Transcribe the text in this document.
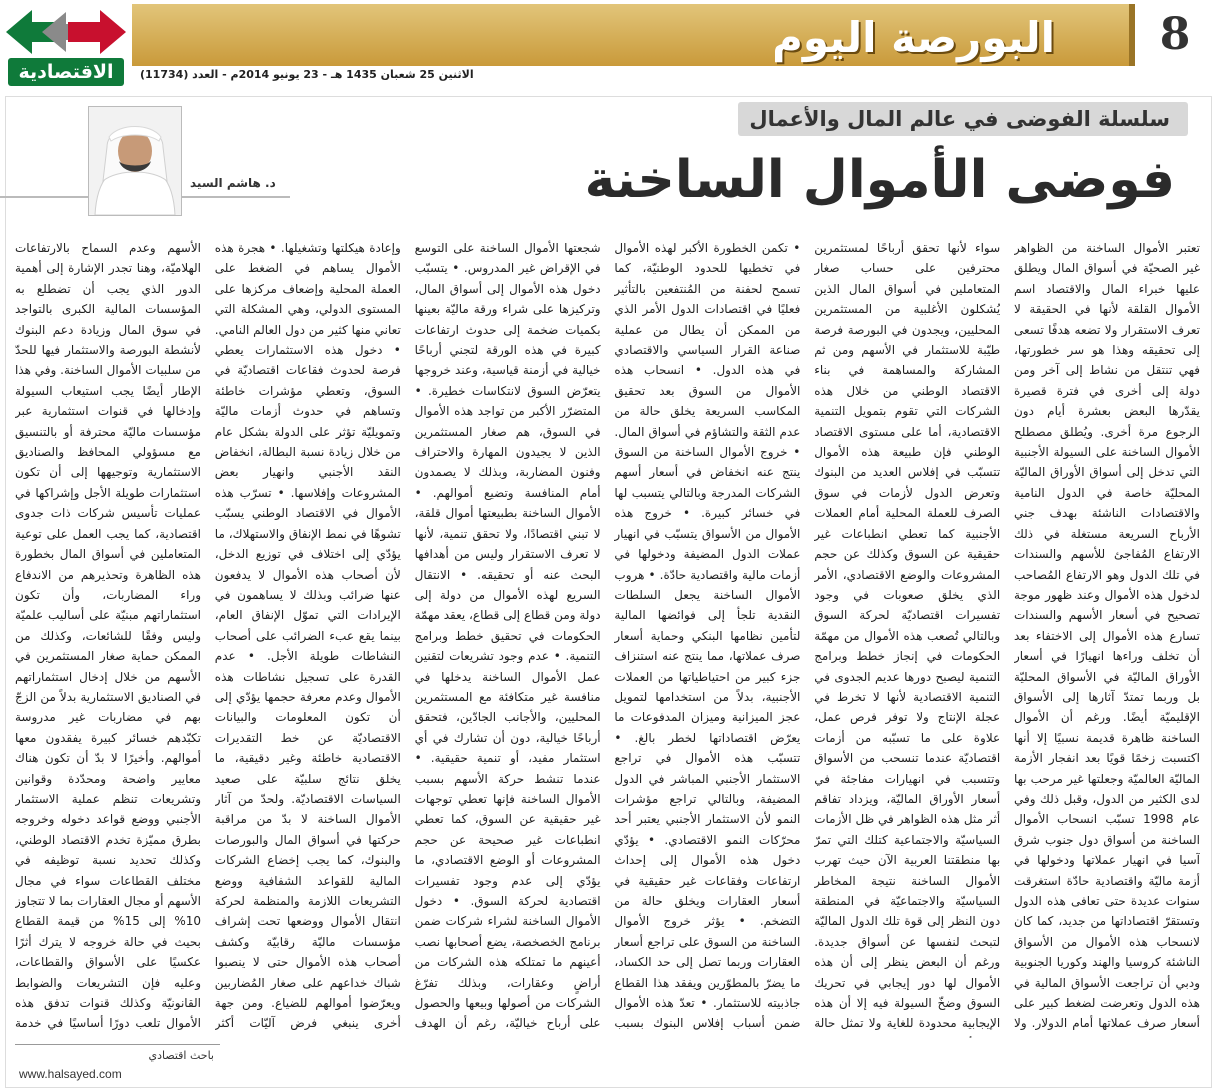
الاقتصادية
البورصة اليوم	8
الاثنين 25 شعبان 1435 هـ - 23 يونيو 2014م - العدد (11734)
سلسلة الفوضى في عالم المال والأعمال
د. هاشم السيد	فوضى الأموال الساخنة

تعتبر الأموال الساخنة من الظواهر غير الصحيّة في أسواق المال ويطلق عليها خبراء المال والاقتصاد اسم الأموال القلقة لأنها في الحقيقة لا تعرف الاستقرار ولا تضعه هدفًا تسعى إلى تحقيقه وهذا هو سر خطورتها، فهي تنتقل من نشاط إلى آخر ومن دولة إلى أخرى في فترة قصيرة يقدّرها البعض بعشرة أيام دون الرجوع مرة أخرى. ويُطلق مصطلح الأموال الساخنة على السيولة الأجنبية التي تدخل إلى أسواق الأوراق الماليّة المحليّة خاصة في الدول النامية والاقتصادات الناشئة بهدف جني الأرباح السريعة مستغلة في ذلك الارتفاع المُفاجئ للأسهم والسندات في تلك الدول وهو الارتفاع المُصاحب لدخول هذه الأموال وعند ظهور موجة تصحيح في أسعار الأسهم والسندات تسارع هذه الأموال إلى الاختفاء بعد أن تخلف وراءها انهيارًا في أسعار الأوراق الماليّة في الأسواق المحليّة بل وربما تمتدّ آثارها إلى الأسواق الإقليميّة أيضًا. ورغم أن الأموال الساخنة ظاهرة قديمة نسبيًا إلا أنها اكتسبت زخمًا قويًا بعد انفجار الأزمة الماليّة العالميّة وجعلتها غير مرحب بها لدى الكثير من الدول، وقبل ذلك وفي عام 1998 تسبّب انسحاب الأموال الساخنة من أسواق دول جنوب شرق آسيا في انهيار عملاتها ودخولها في أزمة ماليّة واقتصادية حادّة استغرقت سنوات عديدة حتى تعافى هذه الدول وتستقرّ اقتصاداتها من جديد، كما كان لانسحاب هذه الأموال من الأسواق الناشئة كروسيا والهند وكوريا الجنوبية ودبي أن تراجعت الأسواق المالية في هذه الدول وتعرضت لضغط كبير على أسعار صرف عملاتها أمام الدولار. ولا

سواء لأنها تحقق أرباحًا لمستثمرين محترفين على حساب صغار المتعاملين في أسواق المال الذين يُشكلون الأغلبية من المستثمرين المحليين، ويجدون في البورصة فرصة طيّبة للاستثمار في الأسهم ومن ثم المشاركة والمساهمة في بناء الاقتصاد الوطني من خلال هذه الشركات التي تقوم بتمويل التنمية الاقتصادية، أما على مستوى الاقتصاد الوطني فإن طبيعة هذه الأموال تتسبّب في إفلاس العديد من البنوك وتعرض الدول لأزمات في سوق الصرف للعملة المحلية أمام العملات الأجنبية كما تعطي انطباعات غير حقيقية عن السوق وكذلك عن حجم المشروعات والوضع الاقتصادي، الأمر الذي يخلق صعوبات في وجود تفسيرات اقتصاديّة لحركة السوق وبالتالي تُصعب هذه الأموال من مهمّة الحكومات في إنجاز خطط وبرامج التنمية ليصبح دورها عديم الجدوى في التنمية الاقتصادية لأنها لا تخرط في عجلة الإنتاج ولا توفر فرص عمل، علاوة على ما تسبّبه من أزمات اقتصاديّة عندما تنسحب من الأسواق وتتسبب في انهيارات مفاجئة في أسعار الأوراق الماليّة، ويزداد تفاقم أثر مثل هذه الظواهر في ظل الأزمات السياسيّة والاجتماعية كتلك التي تمرّ بها منطقتنا العربية الآن حيث تهرب الأموال الساخنة نتيجة المخاطر السياسيّة والاجتماعيّة في المنطقة دون النظر إلى قوة تلك الدول الماليّة لتبحث لنفسها عن أسواق جديدة. ورغم أن البعض ينظر إلى أن هذه الأموال لها دور إيجابي في تحريك السوق وضخّ السيولة فيه إلا أن هذه الإيجابية محدودة للغاية ولا تمثل حالة

• تكمن الخطورة الأكبر لهذه الأموال في تخطيها للحدود الوطنيّة، كما تسمح لحفنة من المُنتفعين بالتأثير فعليًا في اقتصادات الدول الأمر الذي من الممكن أن يطال من عملية صناعة القرار السياسي والاقتصادي في هذه الدول. • انسحاب هذه الأموال من السوق بعد تحقيق المكاسب السريعة يخلق حالة من عدم الثقة والتشاؤم في أسواق المال. • خروج الأموال الساخنة من السوق ينتج عنه انخفاض في أسعار أسهم الشركات المدرجة وبالتالي يتسبب لها في خسائر كبيرة. • خروج هذه الأموال من الأسواق يتسبّب في انهيار عملات الدول المضيفة ودخولها في أزمات مالية واقتصادية حادّة. • هروب الأموال الساخنة يجعل السلطات النقدية تلجأ إلى فوائضها المالية لتأمين نظامها البنكي وحماية أسعار صرف عملاتها، مما ينتج عنه استنزاف جزء كبير من احتياطياتها من العملات الأجنبية، بدلاً من استخدامها لتمويل عجز الميزانية وميزان المدفوعات ما يعرّض اقتصاداتها لخطر بالغ. • تتسبّب هذه الأموال في تراجع الاستثمار الأجنبي المباشر في الدول المضيفة، وبالتالي تراجع مؤشرات النمو لأن الاستثمار الأجنبي يعتبر أحد محرّكات النمو الاقتصادي. • يؤدّي دخول هذه الأموال إلى إحداث ارتفاعات وفقاعات غير حقيقية في أسعار العقارات ويخلق حالة من التضخم. • يؤثر خروج الأموال الساخنة من السوق على تراجع أسعار العقارات وربما تصل إلى حد الكساد، ما يضرّ بالمطوّرين ويفقد هذا القطاع جاذبيته للاستثمار. • تعدّ هذه الأموال ضمن أسباب إفلاس البنوك بسبب

شجعتها الأموال الساخنة على التوسع في الإقراض غير المدروس. • يتسبّب دخول هذه الأموال إلى أسواق المال، وتركيزها على شراء ورقة ماليّة بعينها بكميات ضخمة إلى حدوث ارتفاعات كبيرة في هذه الورقة لتجني أرباحًا خيالية في أزمنة قياسية، وعند خروجها يتعرّض السوق لانتكاسات خطيرة. • المتضرّر الأكبر من تواجد هذه الأموال في السوق، هم صغار المستثمرين الذين لا يجيدون المهارة والاحتراف وفنون المضاربة، وبذلك لا يصمدون أمام المنافسة وتضيع أموالهم. • الأموال الساخنة بطبيعتها أموال قلقة، لا تبني اقتصادًا، ولا تحقق تنمية، لأنها لا تعرف الاستقرار وليس من أهدافها البحث عنه أو تحقيقه. • الانتقال السريع لهذه الأموال من دولة إلى دولة ومن قطاع إلى قطاع، يعقد مهمّة الحكومات في تحقيق خطط وبرامج التنمية. • عدم وجود تشريعات لتقنين عمل الأموال الساخنة يدخلها في منافسة غير متكافئة مع المستثمرين المحليين، والأجانب الجادّين، فتحقق أرباحًا خيالية، دون أن تشارك في أي استثمار مفيد، أو تنمية حقيقية. • عندما تنشط حركة الأسهم بسبب الأموال الساخنة فإنها تعطي توجهات غير حقيقية عن السوق، كما تعطي انطباعات غير صحيحة عن حجم المشروعات أو الوضع الاقتصادي، ما يؤدّي إلى عدم وجود تفسيرات اقتصادية لحركة السوق. • دخول الأموال الساخنة لشراء شركات ضمن برنامج الخصخصة، يضع أصحابها نصب أعينهم ما تمتلكه هذه الشركات من أراضٍ وعقارات، وبذلك تفرّغ الشركات من أصولها وبيعها والحصول على أرباح خياليّة، رغم أن الهدف

وإعادة هيكلتها وتشغيلها. • هجرة هذه الأموال يساهم في الضغط على العملة المحلية وإضعاف مركزها على المستوى الدولي، وهي المشكلة التي تعاني منها كثير من دول العالم النامي. • دخول هذه الاستثمارات يعطي فرصة لحدوث فقاعات اقتصاديّة في السوق، وتعطي مؤشرات خاطئة وتساهم في حدوث أزمات ماليّة وتمويليّة تؤثر على الدولة بشكل عام من خلال زيادة نسبة البطالة، انخفاض النقد الأجنبي وانهيار بعض المشروعات وإفلاسها. • تسرّب هذه الأموال في الاقتصاد الوطني يسبّب تشوهًا في نمط الإنفاق والاستهلاك، ما يؤدّي إلى اختلاف في توزيع الدخل، لأن أصحاب هذه الأموال لا يدفعون عنها ضرائب وبذلك لا يساهمون في الإيرادات التي تموّل الإنفاق العام، بينما يقع عبء الضرائب على أصحاب النشاطات طويلة الأجل. • عدم القدرة على تسجيل نشاطات هذه الأموال وعدم معرفة حجمها يؤدّي إلى أن تكون المعلومات والبيانات الاقتصاديّة عن خط التقديرات الاقتصادية خاطئة وغير دقيقية، ما يخلق نتائج سلبيّة على صعيد السياسات الاقتصاديّة. ولحدّ من آثار الأموال الساخنة لا بدّ من مراقبة حركتها في أسواق المال والبورصات والبنوك، كما يجب إخضاع الشركات المالية للقواعد الشفافية ووضع التشريعات اللازمة والمنظمة لحركة انتقال الأموال ووضعها تحت إشراف مؤسسات ماليّة رقابيّة وكشف أصحاب هذه الأموال حتى لا ينصبوا شباك خداعهم على صغار المُضاربين ويعرّضوا أموالهم للضياع. ومن جهة أخرى ينبغي فرض آليّات أكثر

الأسهم وعدم السماح بالارتفاعات الهلاميّة، وهنا تجدر الإشارة إلى أهمية الدور الذي يجب أن تضطلع به المؤسسات المالية الكبرى بالتواجد في سوق المال وزيادة دعم البنوك لأنشطة البورصة والاستثمار فيها للحدّ من سلبيات الأموال الساخنة. وفي هذا الإطار أيضًا يجب استيعاب السيولة وإدخالها في قنوات استثمارية عبر مؤسسات ماليّة محترفة أو بالتنسيق مع مسؤولي المحافظ والصناديق الاستثمارية وتوجيهها إلى أن تكون استثمارات طويلة الأجل وإشراكها في عمليات تأسيس شركات ذات جدوى اقتصادية، كما يجب العمل على توعية المتعاملين في أسواق المال بخطورة هذه الظاهرة وتحذيرهم من الاندفاع وراء المضاربات، وأن تكون استثماراتهم مبنيّة على أساليب علميّة وليس وفقًا للشائعات، وكذلك من الممكن حماية صغار المستثمرين في الأسهم من خلال إدخال استثماراتهم في الصناديق الاستثمارية بدلاً من الزجّ بهم في مضاربات غير مدروسة تكبّدهم خسائر كبيرة يفقدون معها أموالهم. وأخيرًا لا بدّ أن تكون هناك معايير واضحة ومحدّدة وقوانين وتشريعات تنظم عملية الاستثمار الأجنبي ووضع قواعد دخوله وخروجه بطرق مميّزة تخدم الاقتصاد الوطني، وكذلك تحديد نسبة توظيفه في مختلف القطاعات سواء في مجال الأسهم أو مجال العقارات بما لا تتجاوز 10% إلى 15% من قيمة القطاع بحيث في حالة خروجه لا يترك أثرًا عكسيًا على الأسواق والقطاعات، وعليه فإن التشريعات والضوابط القانونيّة وكذلك قنوات تدفق هذه الأموال تلعب دورًا أساسيًا في خدمة

باحث اقتصادي
www.halsayed.com
